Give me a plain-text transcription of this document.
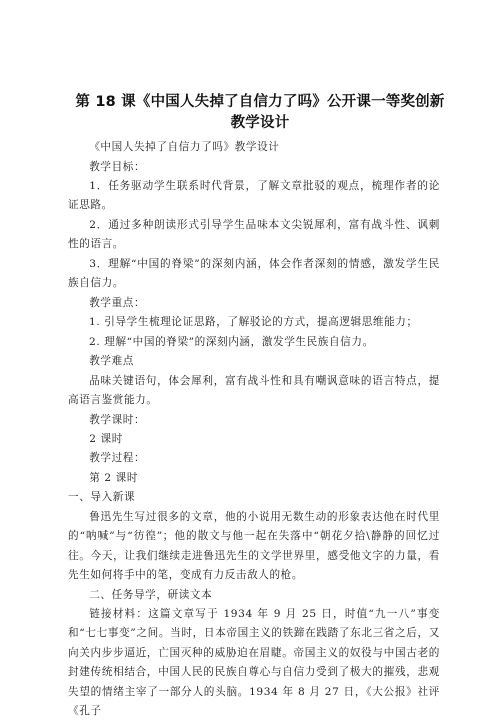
第 18 课《中国人失掉了自信力了吗》公开课一等奖创新
教学设计
《中国人失掉了自信力了吗》教学设计
教学目标：
1．任务驱动学生联系时代背景，了解文章批驳的观点，梳理作者的论证思路。
2．通过多种朗读形式引导学生品味本文尖锐犀利，富有战斗性、讽刺性的语言。
3．理解“中国的脊梁”的深刻内涵，体会作者深刻的情感，激发学生民族自信力。
教学重点：
1. 引导学生梳理论证思路，了解驳论的方式，提高逻辑思维能力；
2. 理解“中国的脊梁”的深刻内涵，激发学生民族自信力。
教学难点
品味关键语句，体会犀利，富有战斗性和具有嘲讽意味的语言特点，提高语言鉴赏能力。
教学课时：
2 课时
教学过程：
第 2 课时
一、导入新课
鲁迅先生写过很多的文章，他的小说用无数生动的形象表达他在时代里的“呐喊”与“彷徨”；他的散文与他一起在失落中“朝花夕拾\静静的回忆过往。今天，让我们继续走进鲁迅先生的文学世界里，感受他文字的力量，看先生如何将手中的笔，变成有力反击敌人的枪。
二、任务导学，研读文本
链接材料：这篇文章写于 1934 年 9 月 25 日，时值“九一八”事变和“七七事变”之间。当时，日本帝国主义的铁蹄在践踏了东北三省之后，又向关内步步逼近，亡国灭种的威胁迫在眉睫。帝国主义的奴役与中国古老的封建传统相结合，中国人民的民族自尊心与自信力受到了极大的摧残，悲观失望的情绪主宰了一部分人的头脑。1934 年 8 月 27 日，《大公报》社评《孔子
